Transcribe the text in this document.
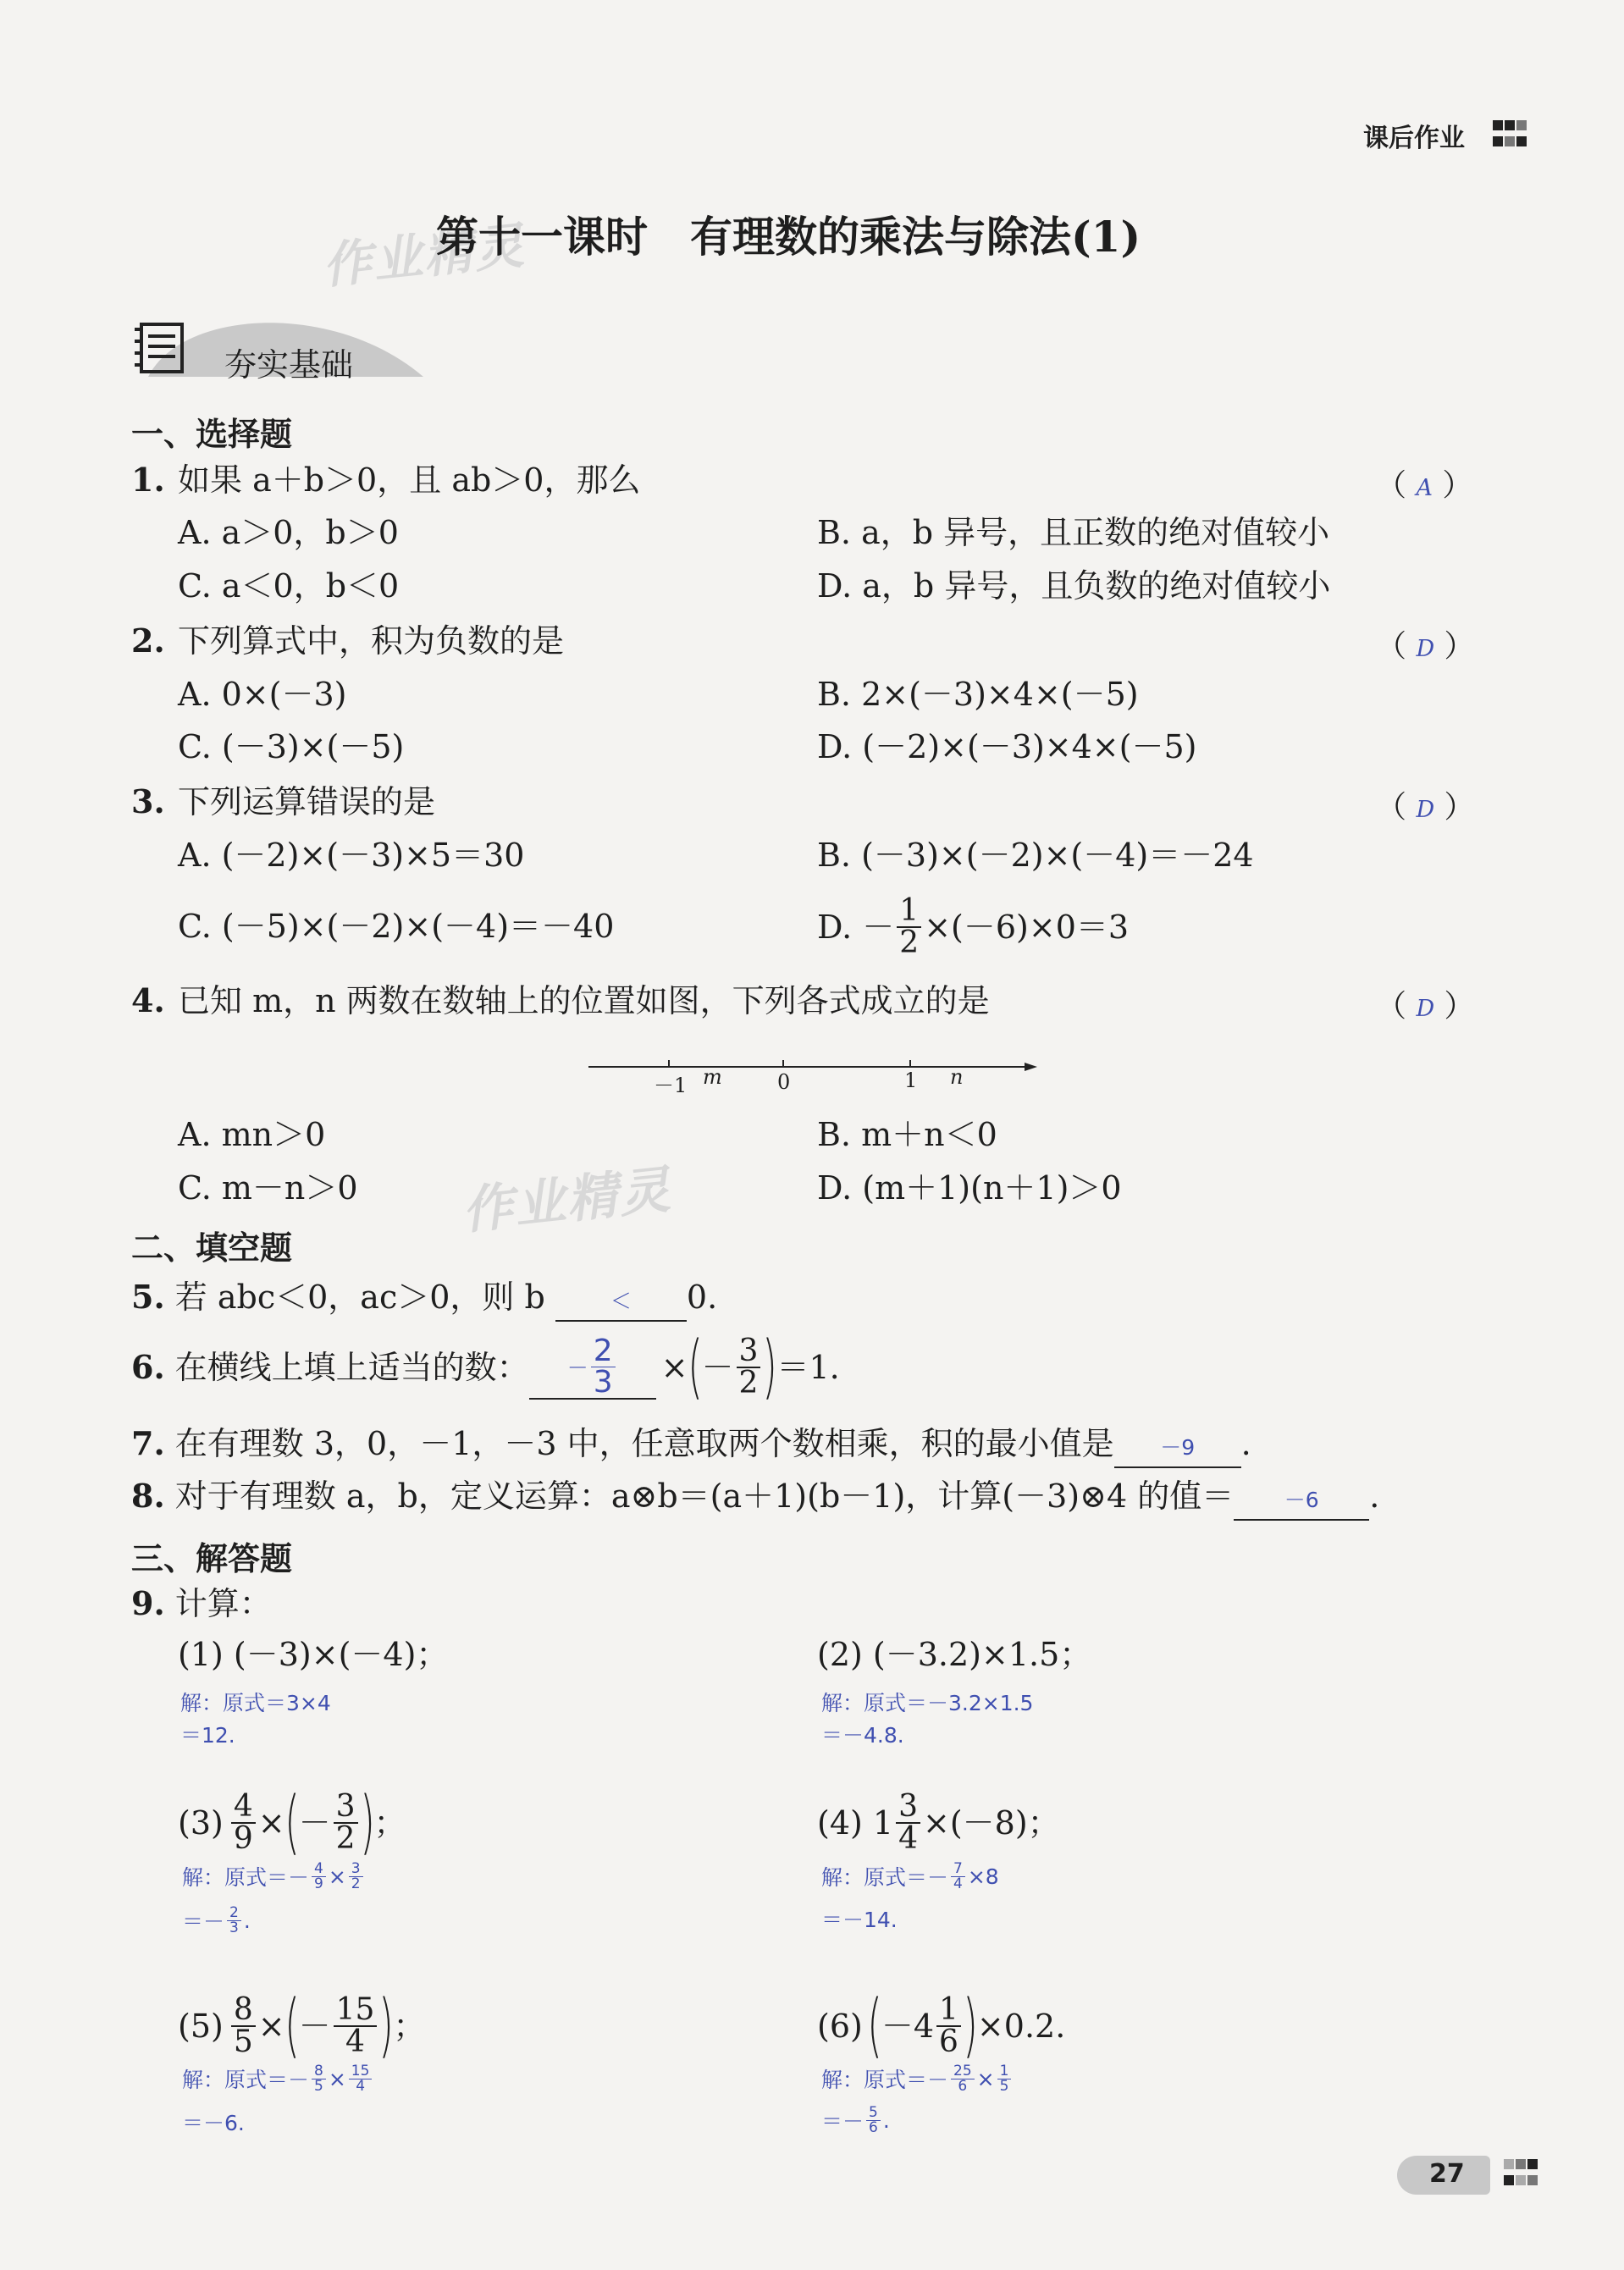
课后作业

作业精灵
第十一课时　有理数的乘法与除法(1)
夯实基础
一、选择题
1. 如果 a＋b＞0，且 ab＞0，那么	（ A ）
A. a＞0，b＞0	B. a，b 异号，且正数的绝对值较小
C. a＜0，b＜0	D. a，b 异号，且负数的绝对值较小
2. 下列算式中，积为负数的是	（ D ）
A. 0×(－3)	B. 2×(－3)×4×(－5)
C. (－3)×(－5)	D. (－2)×(－3)×4×(－5)
3. 下列运算错误的是	（ D ）
A. (－2)×(－3)×5＝30	B. (－3)×(－2)×(－4)＝－24
C. (－5)×(－2)×(－4)＝－40	D. － $\frac{1}{2} \times(-6)\times 0=3$
4. 已知 m，n 两数在数轴上的位置如图，下列各式成立的是	（ D ）
－1 m	0	1 n
A. mn＞0	B. m＋n＜0
C. m－n＞0	D. (m＋1)(n＋1)＞0
作业精灵
二、填空题
5. 若 abc＜0，ac＞0，则 b	＜ 0.
6. 在横线上填上适当的数：	－ $\frac{2}{3}$ × ( － $\frac{3}{2}$ ) ＝1.
7. 在有理数 3，0，－1，－3 中，任意取两个数相乘，积的最小值是 －9 .
8. 对于有理数 a，b，定义运算：a⊗b＝(a＋1)(b－1)，计算(－3)⊗4 的值＝ －6 .
三、解答题
9. 计算：
(1) (－3)×(－4)；
解：原式＝3×4
＝12.
(2) (－3.2)×1.5；
解：原式＝－3.2×1.5
＝－4.8.
$(3) \frac{4}{9}$ × ( － $\frac{3}{2}$ ) ；
解：原式＝－ $\frac{4}{9} \times \frac{3}{2}$
＝－ $\frac{2}{3}$ .
(4) $1 \frac{3}{4} \times(-8)$；
解：原式＝－ $\frac{7}{4} \times 8$
＝－14.
$(5) \frac{8}{5}$ × ( － $\frac{15}{4}$ ) ；
解：原式＝－ $\frac{8}{5} \times \frac{15}{4}$
＝－6.
(6) ( $-4 \frac{1}{6}$ ) ×0.2.
解：原式＝－ $\frac{25}{6} \times \frac{1}{5}$
＝－ $\frac{5}{6}$ .
27
